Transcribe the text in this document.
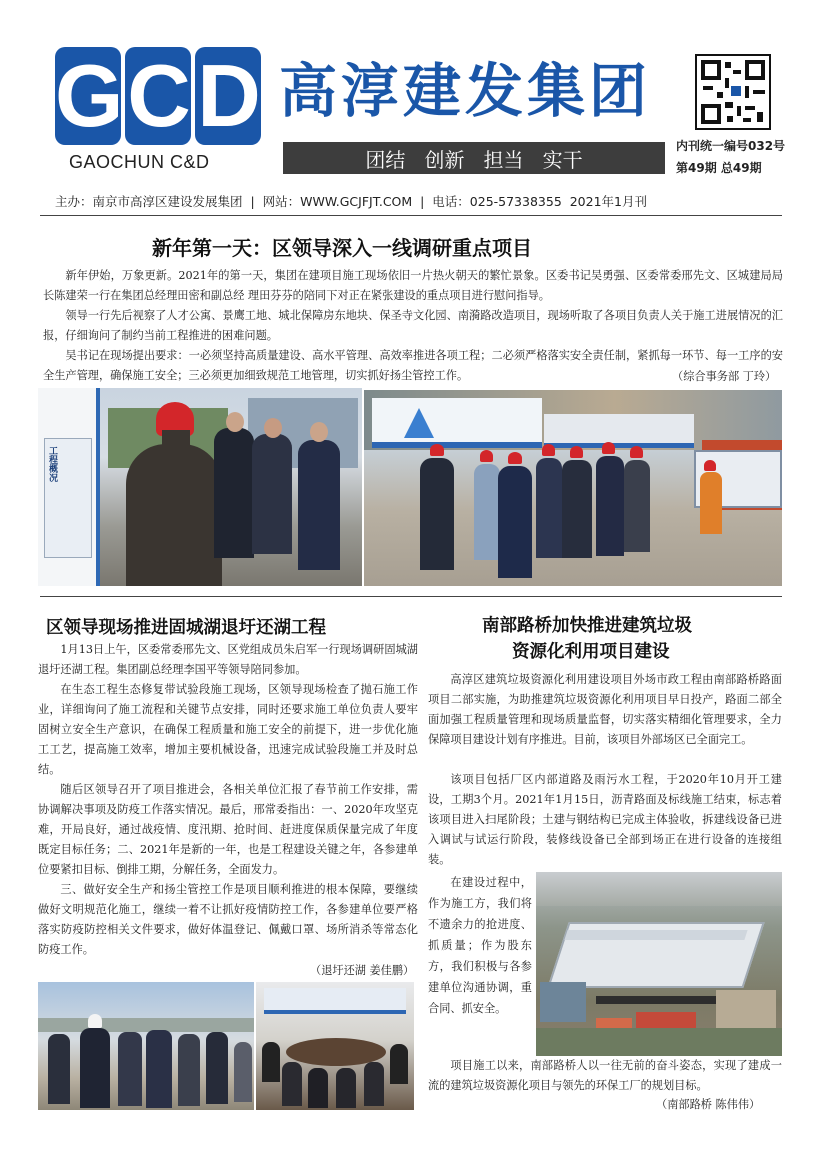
G C D
GAOCHUN C&D
高淳建发集团
团结   创新   担当   实干
内刊统一编号032号
第49期 总49期
主办：南京市高淳区建设发展集团  |  网站：WWW.GCJFJT.COM  |  电话：025-57338355  2021年1月刊
新年第一天：区领导深入一线调研重点项目
新年伊始，万象更新。2021年的第一天，集团在建项目施工现场依旧一片热火朝天的繁忙景象。区委书记吴勇强、区委常委邢先文、区城建局局长陈建荣一行在集团总经理田密和副总经 理田芬芬的陪同下对正在紧张建设的重点项目进行慰问指导。
领导一行先后视察了人才公寓、景鹰工地、城北保障房东地块、保圣寺文化园、南漪路改造项目，现场听取了各项目负责人关于施工进展情况的汇报，仔细询问了制约当前工程推进的困难问题。
吴书记在现场提出要求：一必须坚持高质量建设、高水平管理、高效率推进各项工程；二必须严格落实安全责任制，紧抓每一环节、每一工序的安全生产管理，确保施工安全；三必须更加细致规范工地管理，切实抓好扬尘管控工作。	（综合事务部 丁玲）
工程概况
区领导现场推进固城湖退圩还湖工程
1月13日上午，区委常委邢先文、区党组成员朱启军一行现场调研固城湖退圩还湖工程。集团副总经理李国平等领导陪同参加。
在生态工程生态修复带试验段施工现场，区领导现场检查了抛石施工作业，详细询问了施工流程和关键节点安排，同时还要求施工单位负责人要牢固树立安全生产意识，在确保工程质量和施工安全的前提下，进一步优化施工工艺，提高施工效率，增加主要机械设备，迅速完成试验段施工并及时总结。
随后区领导召开了项目推进会，各相关单位汇报了春节前工作安排，需协调解决事项及防疫工作落实情况。最后，邢常委指出：一、2020年攻坚克难，开局良好，通过战疫情、度汛期、抢时间、赶进度保质保量完成了年度既定目标任务；二、2021年是新的一年，也是工程建设关键之年，各参建单位要紧扣目标、倒排工期，分解任务，全面发力。
三、做好安全生产和扬尘管控工作是项目顺利推进的根本保障，要继续做好文明规范化施工，继续一着不让抓好疫情防控工作，各参建单位要严格落实防疫防控相关文件要求，做好体温登记、佩戴口罩、场所消杀等常态化防疫工作。
（退圩还湖 姜佳鹏）
南部路桥加快推进建筑垃圾
资源化利用项目建设
高淳区建筑垃圾资源化利用建设项目外场市政工程由南部路桥路面项目二部实施，为助推建筑垃圾资源化利用项目早日投产，路面二部全面加强工程质量管理和现场质量监督，切实落实精细化管理要求，全力保障项目建设计划有序推进。目前，该项目外部场区已全面完工。
该项目包括厂区内部道路及雨污水工程，于2020年10月开工建设，工期3个月。2021年1月15日，沥青路面及标线施工结束，标志着该项目进入扫尾阶段；土建与钢结构已完成主体验收，拆建线设备已进入调试与试运行阶段，装修线设备已全部到场正在进行设备的连接组装。
在建设过程中，作为施工方，我们将不遗余力的抢进度、抓质量；作为股东方，我们积极与各参建单位沟通协调，重合同、抓安全。
项目施工以来，南部路桥人以一往无前的奋斗姿态，实现了建成一流的建筑垃圾资源化项目与领先的环保工厂的规划目标。
（南部路桥 陈伟伟）
